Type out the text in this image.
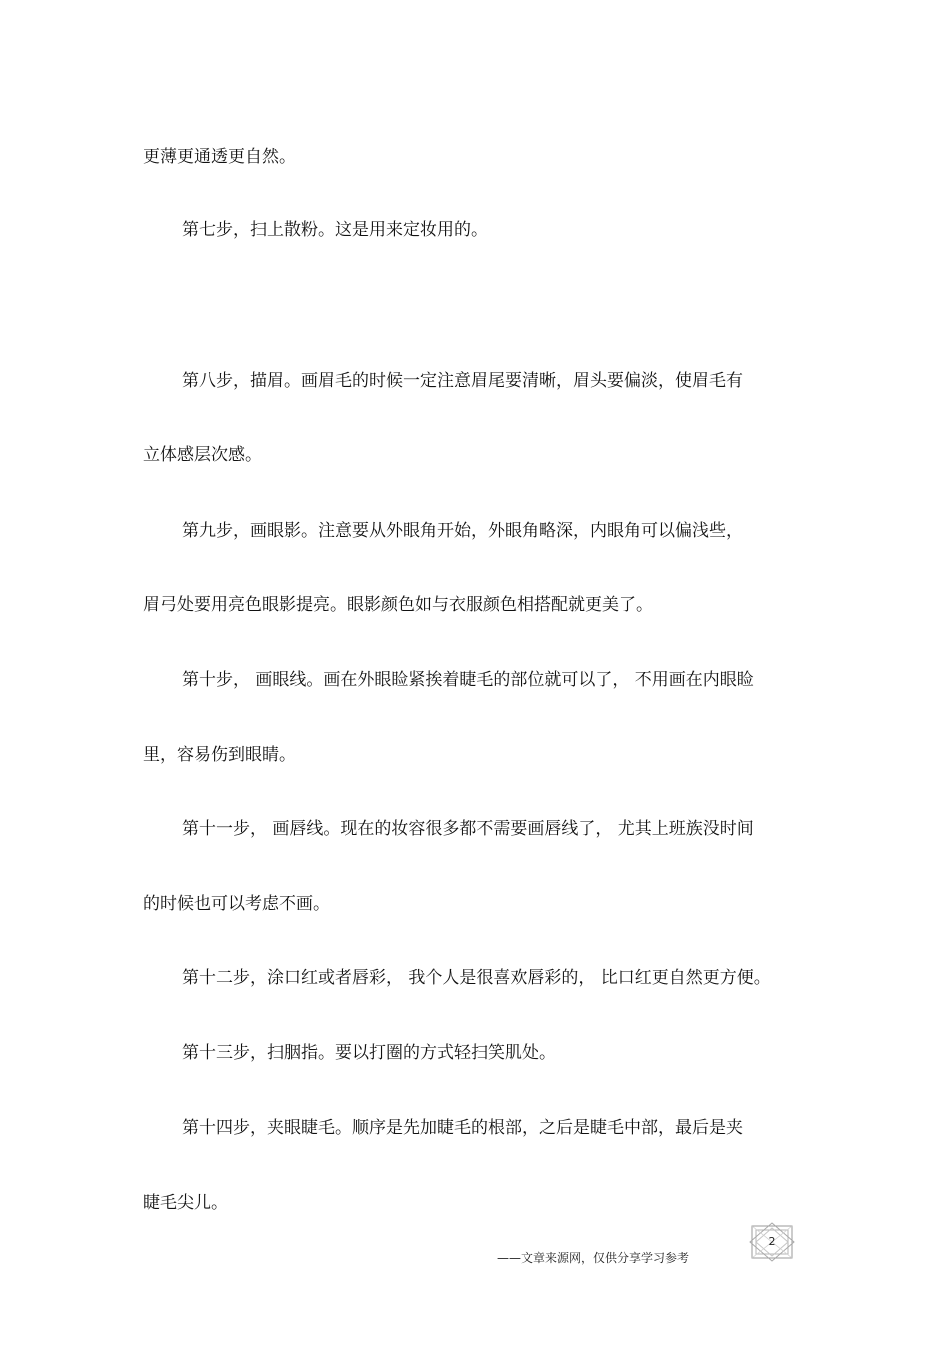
更薄更通透更自然。
第七步，扫上散粉。这是用来定妆用的。
第八步，描眉。画眉毛的时候一定注意眉尾要清晰，眉头要偏淡，使眉毛有
立体感层次感。
第九步，画眼影。注意要从外眼角开始，外眼角略深，内眼角可以偏浅些，
眉弓处要用亮色眼影提亮。眼影颜色如与衣服颜色相搭配就更美了。
第十步， 画眼线。画在外眼睑紧挨着睫毛的部位就可以了， 不用画在内眼睑
里，容易伤到眼睛。
第十一步， 画唇线。现在的妆容很多都不需要画唇线了， 尤其上班族没时间
的时候也可以考虑不画。
第十二步，涂口红或者唇彩， 我个人是很喜欢唇彩的， 比口红更自然更方便。
第十三步，扫胭指。要以打圈的方式轻扫笑肌处。
第十四步，夹眼睫毛。顺序是先加睫毛的根部，之后是睫毛中部，最后是夹
睫毛尖儿。
——文章来源网，仅供分享学习参考
2
